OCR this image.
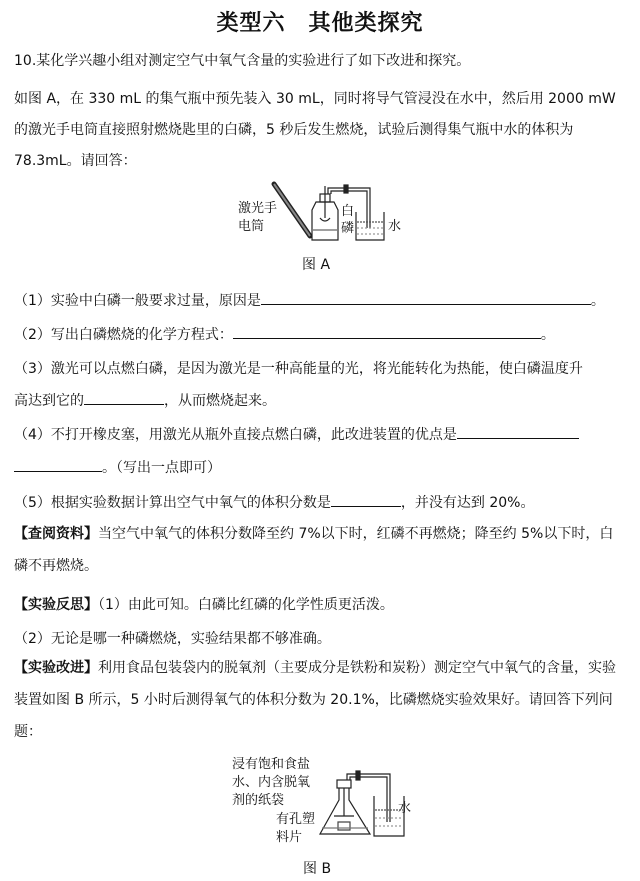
类型六　其他类探究

10.某化学兴趣小组对测定空气中氧气含量的实验进行了如下改进和探究。

如图 A，在 330 mL 的集气瓶中预先装入 30 mL，同时将导气管浸没在水中，然后用 2000 mW 的激光手电筒直接照射燃烧匙里的白磷，5 秒后发生燃烧，试验后测得集气瓶中水的体积为 78.3mL。请回答：

激光手
电筒
白
磷	水
图 A
（1）实验中白磷一般要求过量，原因是	。
（2）写出白磷燃烧的化学方程式：	。
（3）激光可以点燃白磷，是因为激光是一种高能量的光，将光能转化为热能，使白磷温度升
高达到它的	，从而燃烧起来。
（4）不打开橡皮塞，用激光从瓶外直接点燃白磷，此改进装置的优点是
。（写出一点即可）
（5）根据实验数据计算出空气中氧气的体积分数是	，并没有达到 20%。

【查阅资料】当空气中氧气的体积分数降至约 7%以下时，红磷不再燃烧；降至约 5%以下时，白磷不再燃烧。

【实验反思】（1）由此可知。白磷比红磷的化学性质更活泼。
（2）无论是哪一种磷燃烧，实验结果都不够准确。

【实验改进】利用食品包装袋内的脱氧剂（主要成分是铁粉和炭粉）测定空气中氧气的含量，实验装置如图 B 所示，5 小时后测得氧气的体积分数为 20.1%，比磷燃烧实验效果好。请回答下列问题：

浸有饱和食盐
水、内含脱氧
剂的纸袋
有孔塑
料片
水
图 B
